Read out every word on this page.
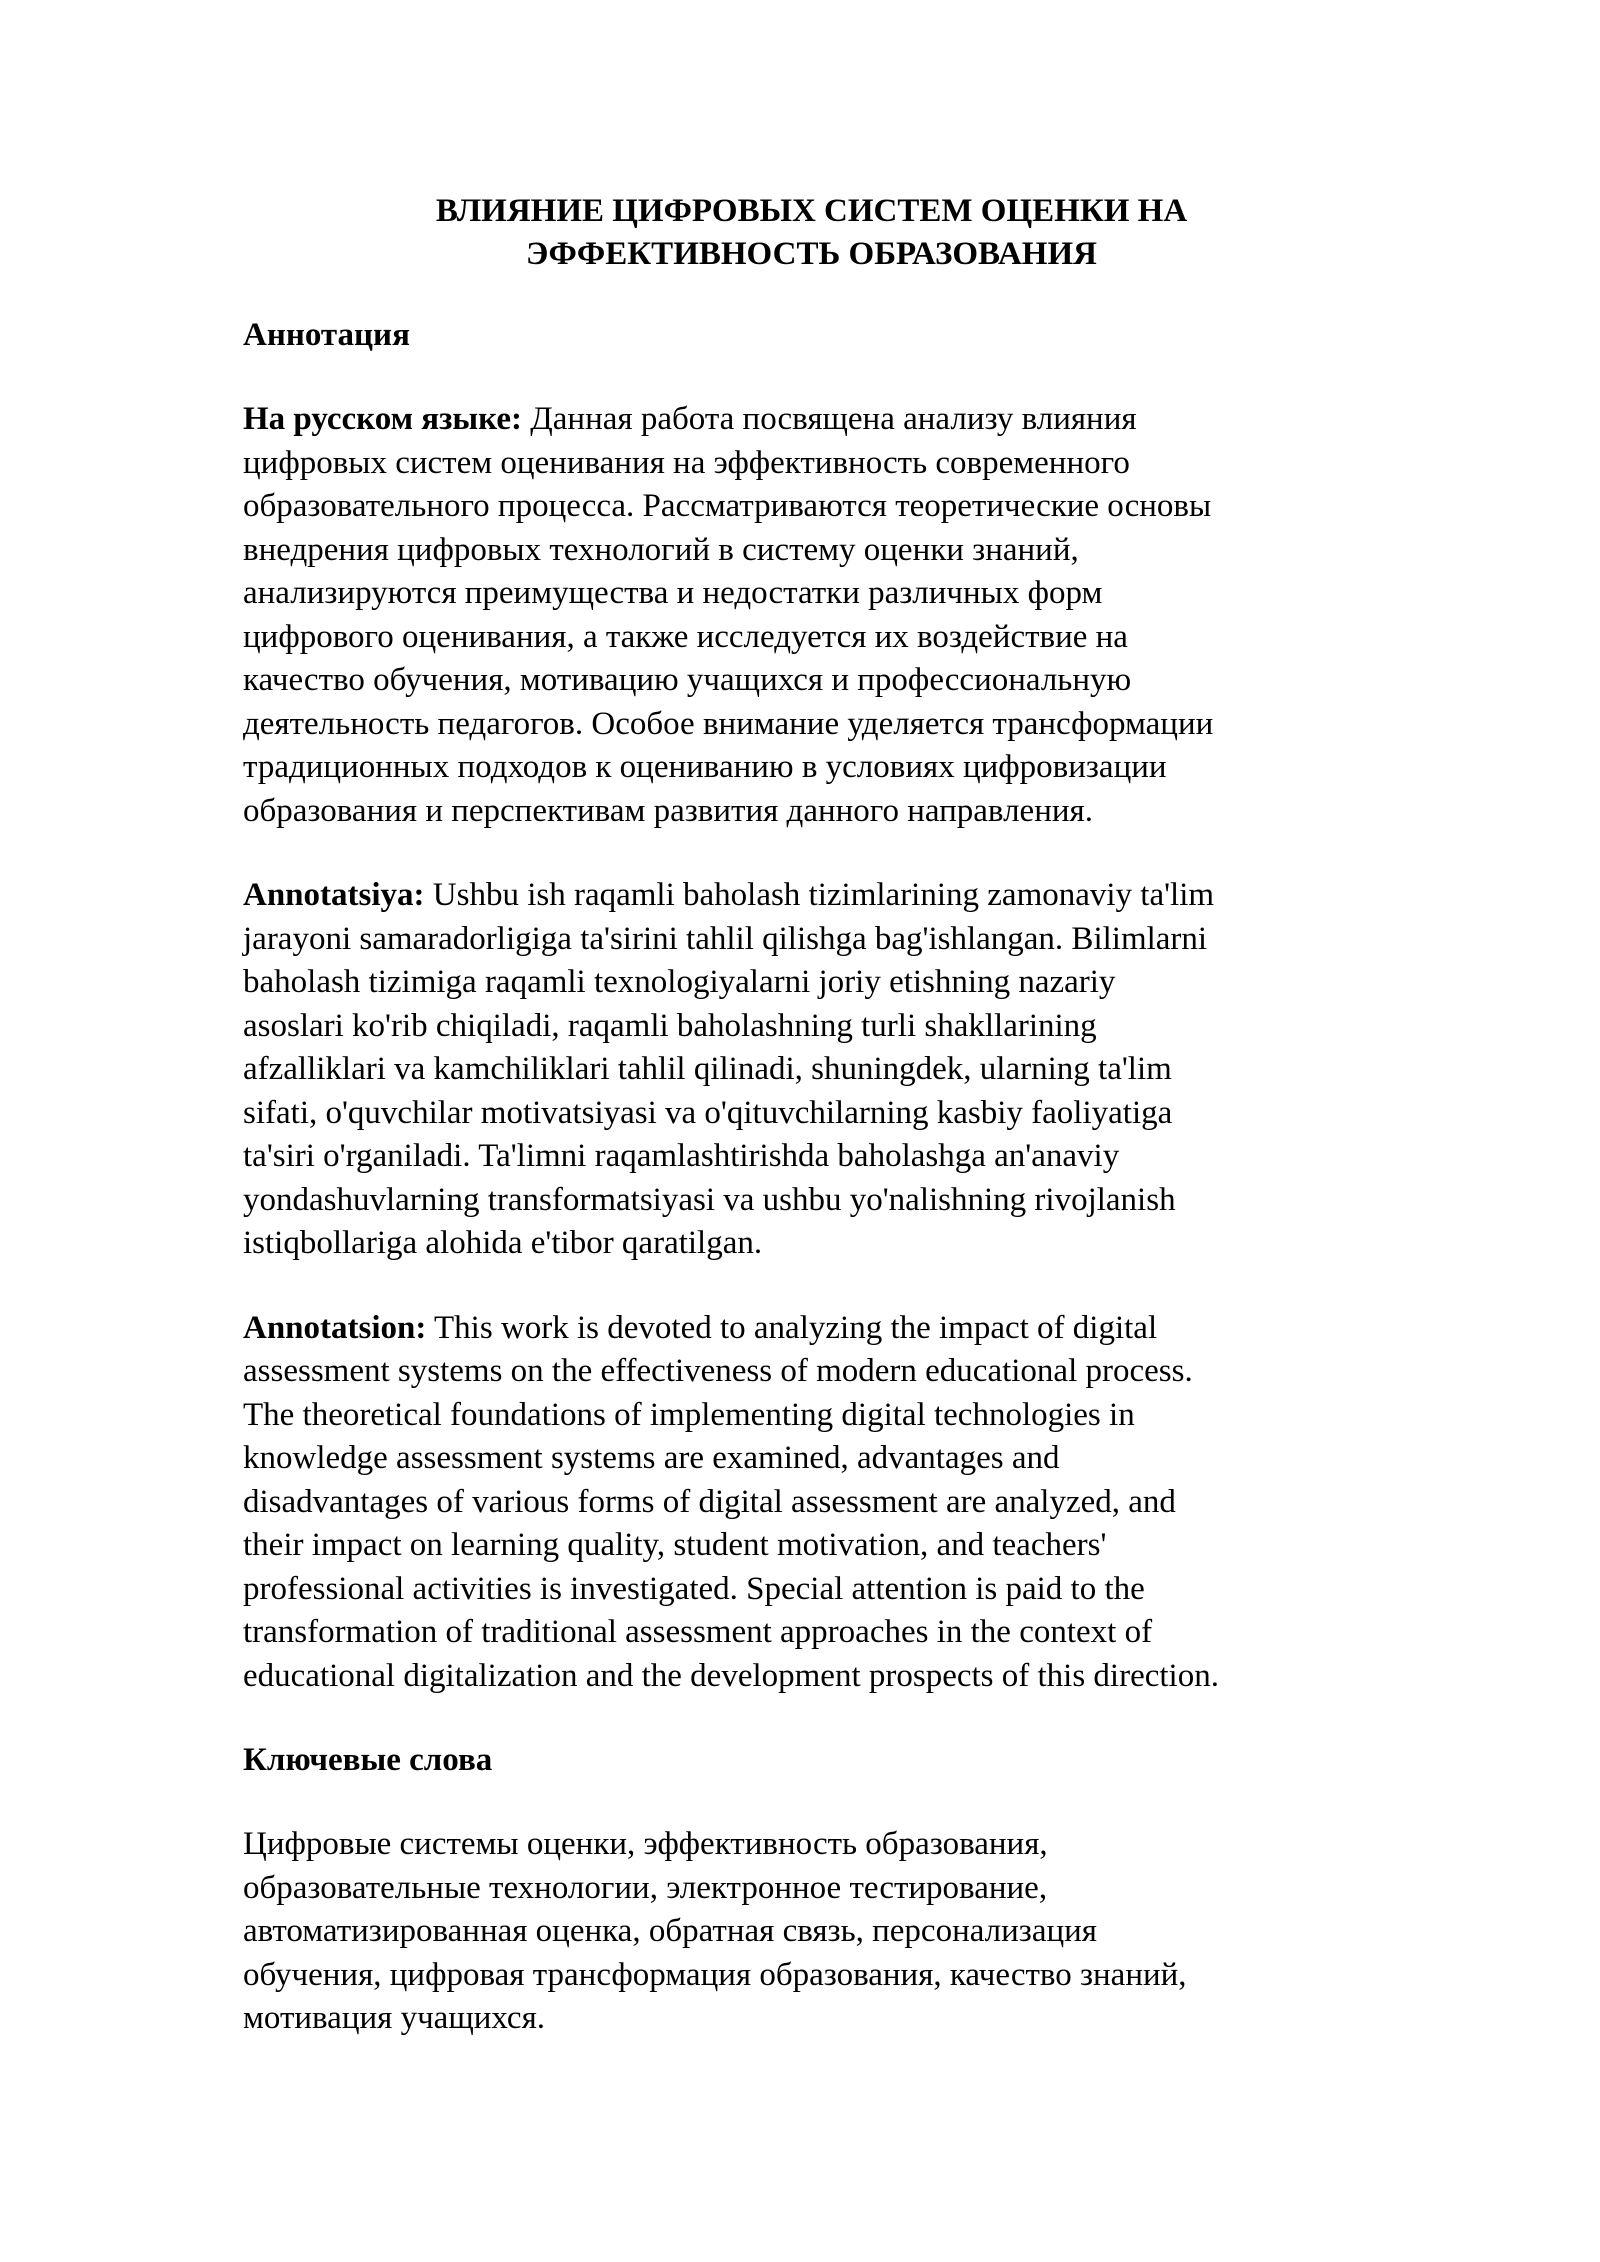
ВЛИЯНИЕ ЦИФРОВЫХ СИСТЕМ ОЦЕНКИ НА
ЭФФЕКТИВНОСТЬ ОБРАЗОВАНИЯ
Аннотация

На русском языке: Данная работа посвящена анализу влияния
цифровых систем оценивания на эффективность современного
образовательного процесса. Рассматриваются теоретические основы
внедрения цифровых технологий в систему оценки знаний,
анализируются преимущества и недостатки различных форм
цифрового оценивания, а также исследуется их воздействие на
качество обучения, мотивацию учащихся и профессиональную
деятельность педагогов. Особое внимание уделяется трансформации
традиционных подходов к оцениванию в условиях цифровизации
образования и перспективам развития данного направления.

Annotatsiya: Ushbu ish raqamli baholash tizimlarining zamonaviy ta'lim
jarayoni samaradorligiga ta'sirini tahlil qilishga bag'ishlangan. Bilimlarni
baholash tizimiga raqamli texnologiyalarni joriy etishning nazariy
asoslari ko'rib chiqiladi, raqamli baholashning turli shakllarining
afzalliklari va kamchiliklari tahlil qilinadi, shuningdek, ularning ta'lim
sifati, o'quvchilar motivatsiyasi va o'qituvchilarning kasbiy faoliyatiga
ta'siri o'rganiladi. Ta'limni raqamlashtirishda baholashga an'anaviy
yondashuvlarning transformatsiyasi va ushbu yo'nalishning rivojlanish
istiqbollariga alohida e'tibor qaratilgan.

Annotatsion: This work is devoted to analyzing the impact of digital
assessment systems on the effectiveness of modern educational process.
The theoretical foundations of implementing digital technologies in
knowledge assessment systems are examined, advantages and
disadvantages of various forms of digital assessment are analyzed, and
their impact on learning quality, student motivation, and teachers'
professional activities is investigated. Special attention is paid to the
transformation of traditional assessment approaches in the context of
educational digitalization and the development prospects of this direction.

Ключевые слова

Цифровые системы оценки, эффективность образования,
образовательные технологии, электронное тестирование,
автоматизированная оценка, обратная связь, персонализация
обучения, цифровая трансформация образования, качество знаний,
мотивация учащихся.
